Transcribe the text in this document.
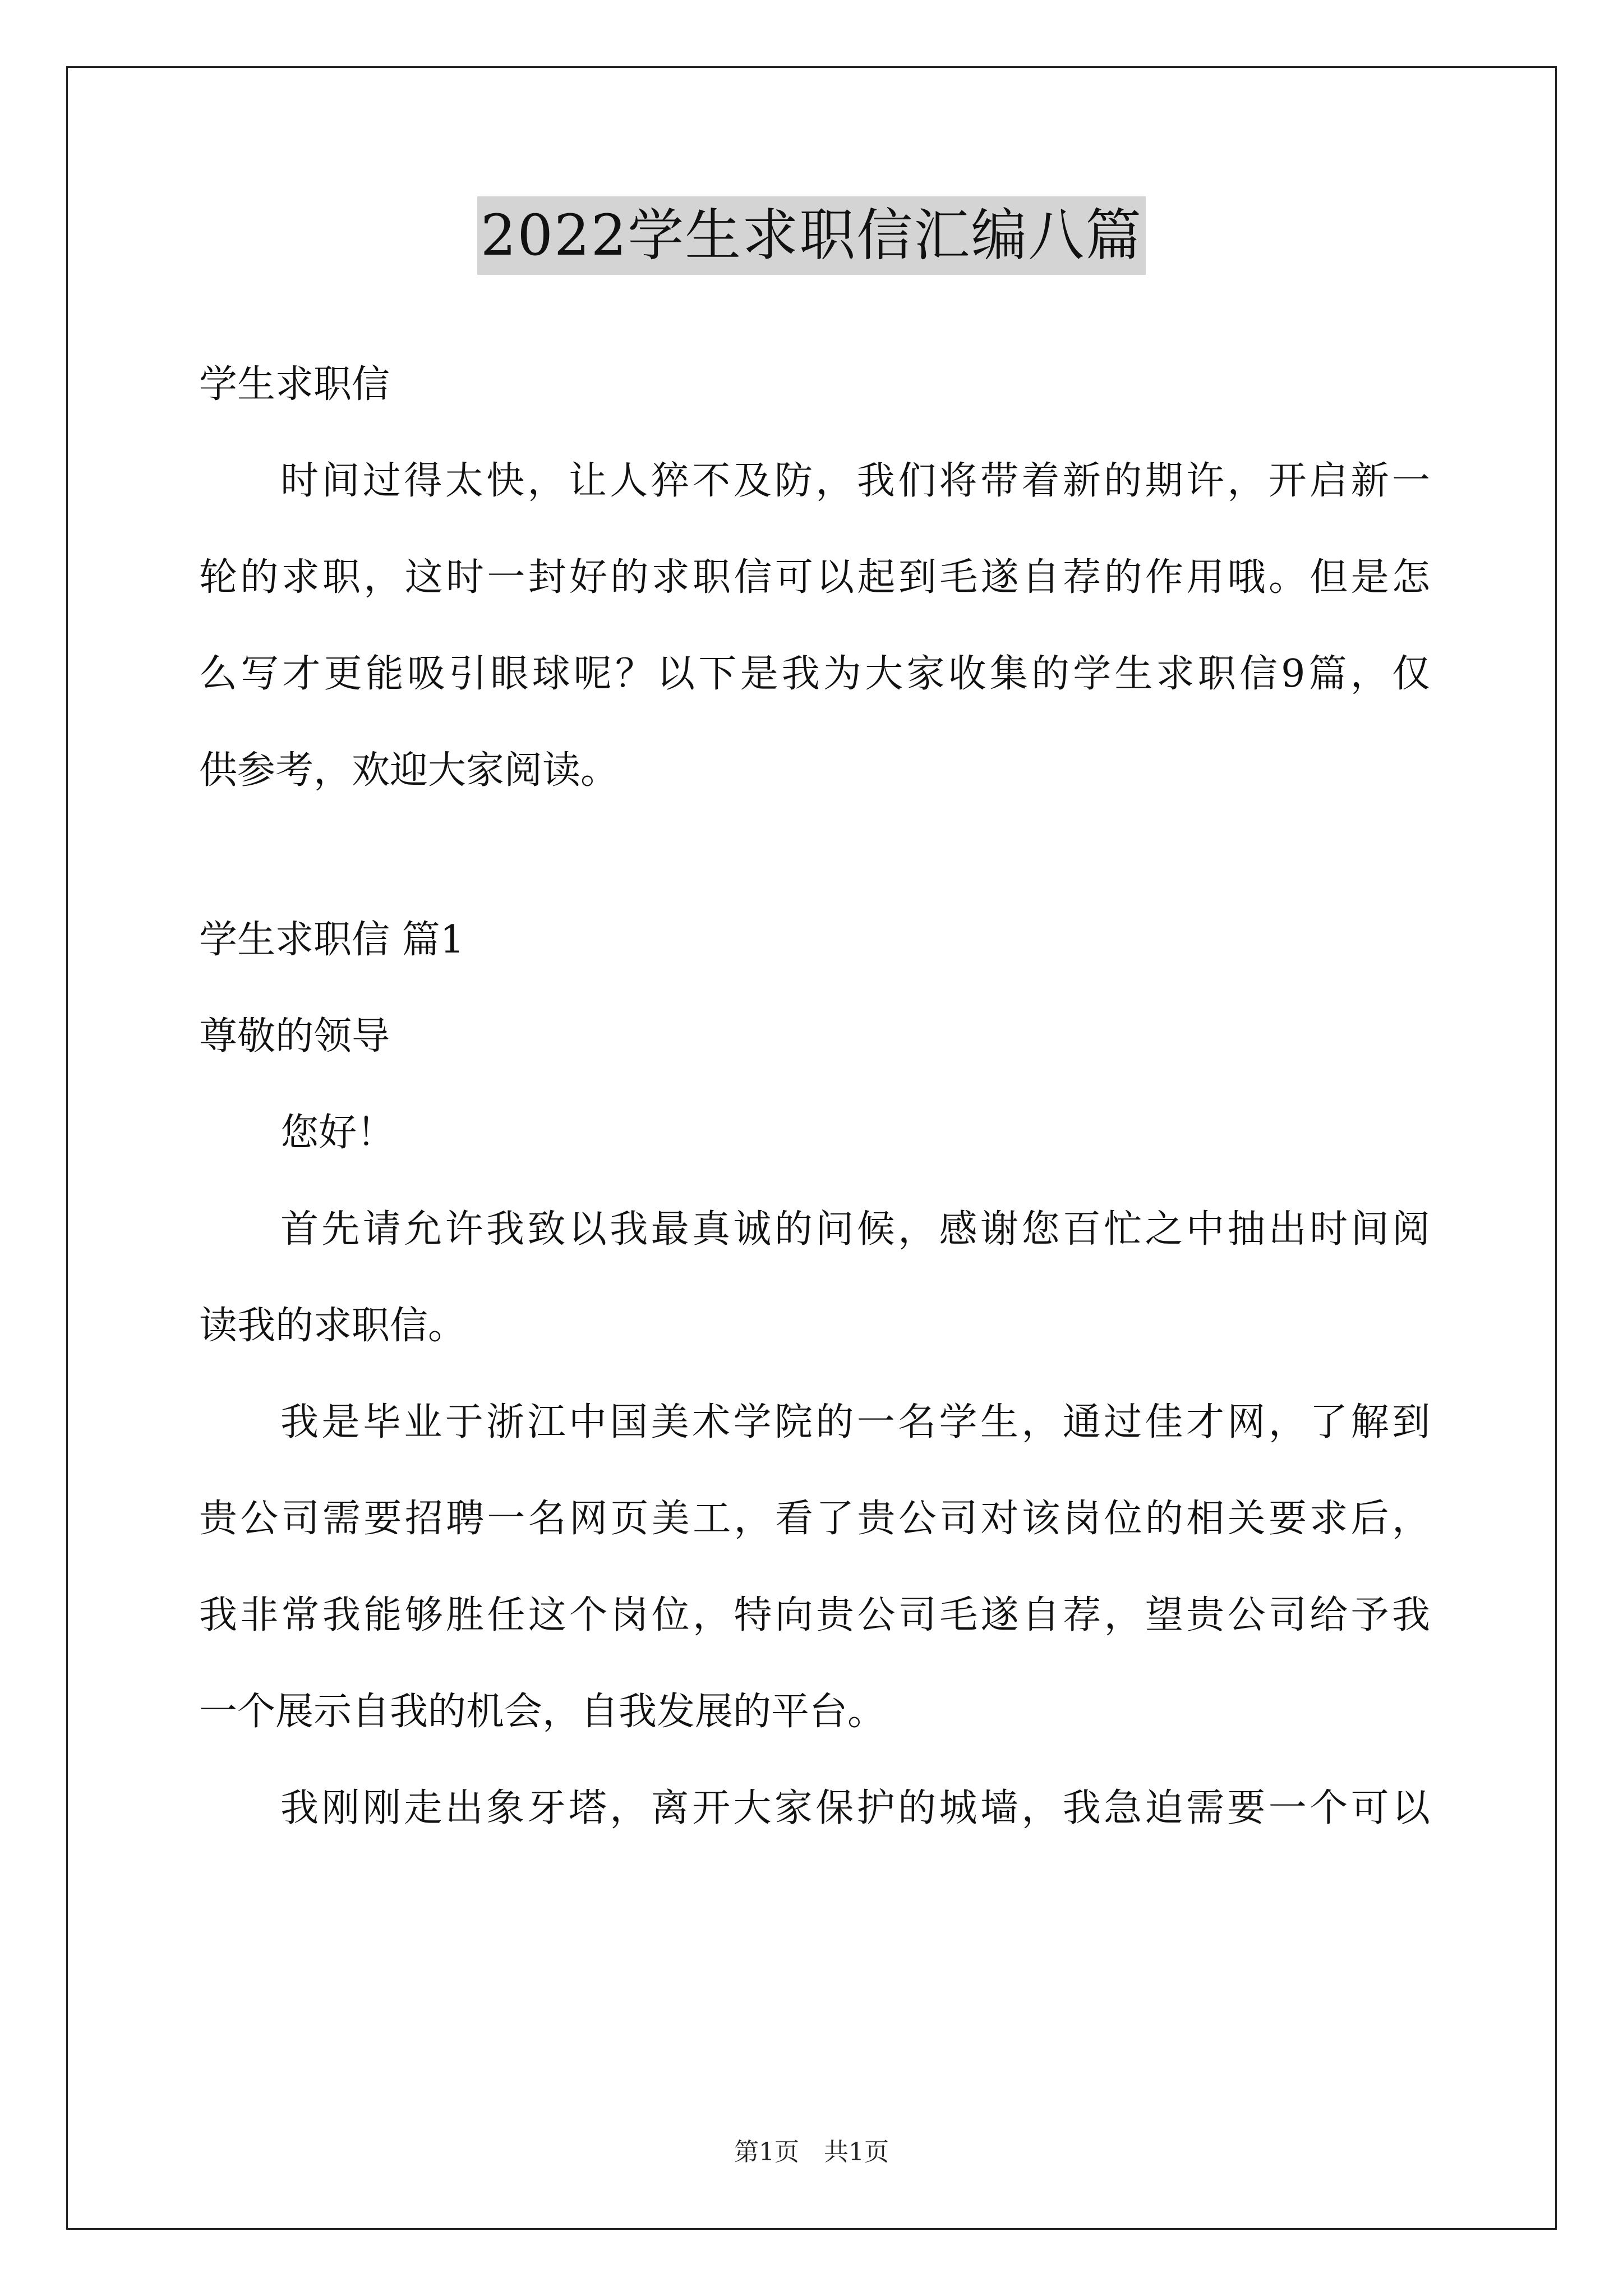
2022学生求职信汇编八篇
学生求职信
时间过得太快，让人猝不及防，我们将带着新的期许，开启新一
轮的求职，这时一封好的求职信可以起到毛遂自荐的作用哦。但是怎
么写才更能吸引眼球呢？以下是我为大家收集的学生求职信9篇，仅
供参考，欢迎大家阅读。
学生求职信 篇1
尊敬的领导
您好！
首先请允许我致以我最真诚的问候，感谢您百忙之中抽出时间阅
读我的求职信。
我是毕业于浙江中国美术学院的一名学生，通过佳才网，了解到
贵公司需要招聘一名网页美工，看了贵公司对该岗位的相关要求后，
我非常我能够胜任这个岗位，特向贵公司毛遂自荐，望贵公司给予我
一个展示自我的机会，自我发展的平台。
我刚刚走出象牙塔，离开大家保护的城墙，我急迫需要一个可以
第1页　共1页
